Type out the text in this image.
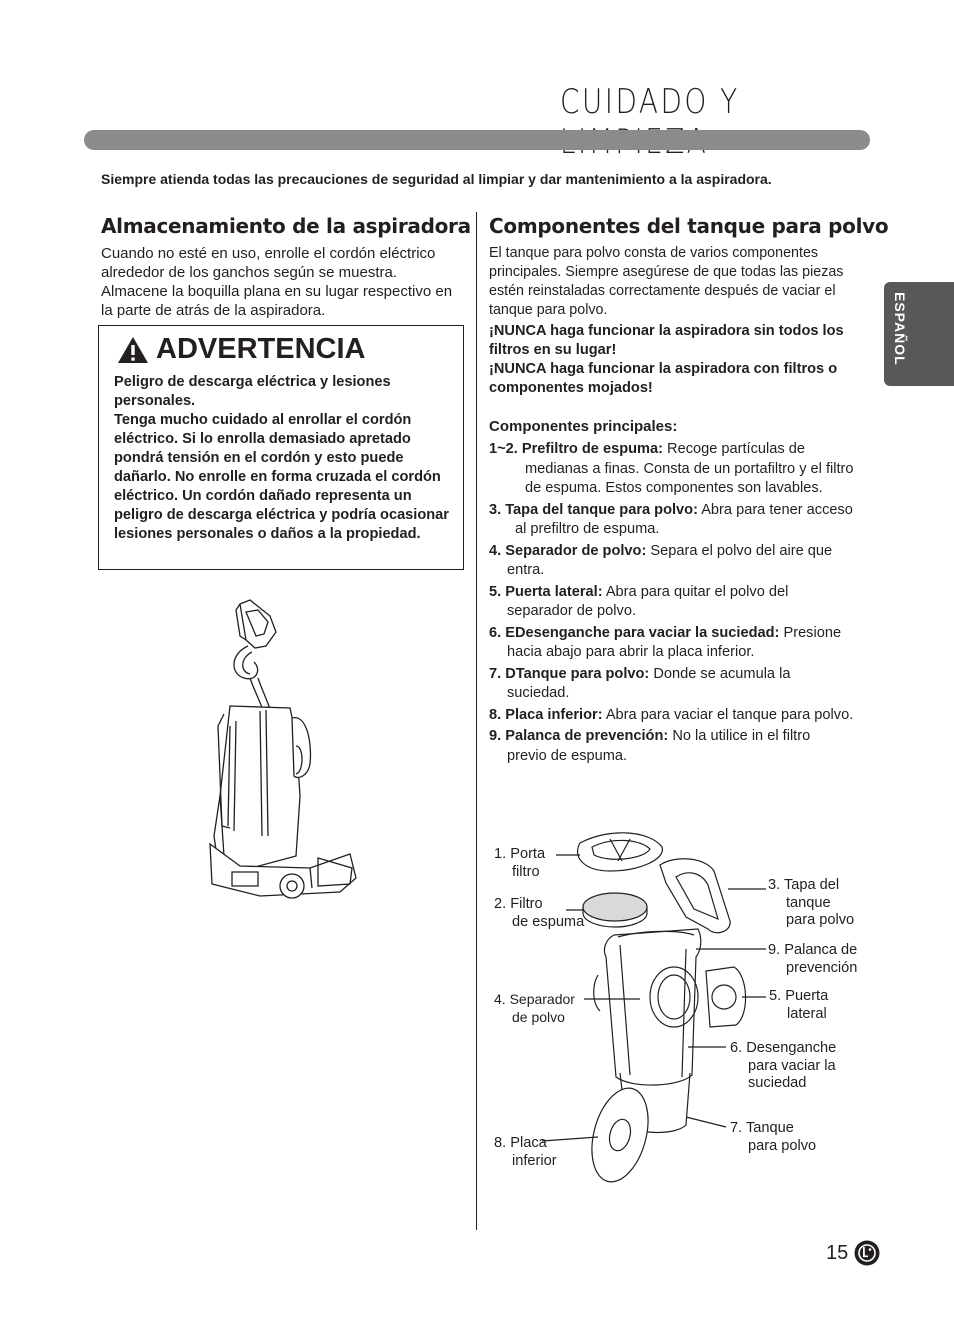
CUIDADO Y
Siempre atienda todas las precauciones de seguridad al limpiar y dar mantenimiento a la aspiradora.
ESPAÑOL
Almacenamiento de la aspiradora
Cuando no esté en uso, enrolle el cordón eléctrico alrededor de los ganchos según se muestra. Almacene la boquilla plana en su lugar respectivo en la parte de atrás de la aspiradora.
ADVERTENCIA
Peligro de descarga eléctrica y lesiones personales.
Tenga mucho cuidado al enrollar el cordón eléctrico. Si lo enrolla demasiado apretado pondrá tensión en el cordón y esto puede dañarlo. No enrolle en forma cruzada el cordón eléctrico. Un cordón dañado representa un peligro de descarga eléctrica y podría ocasionar lesiones personales o daños a la propiedad.
Componentes del tanque para polvo
El tanque para polvo consta de varios componentes principales. Siempre asegúrese de que todas las piezas estén reinstaladas correctamente después de vaciar el tanque para polvo.
¡NUNCA haga funcionar la aspiradora sin todos los filtros en su lugar!
¡NUNCA haga funcionar la aspiradora con filtros o componentes mojados!
Componentes principales:
1~2. Prefiltro de espuma: Recoge partículas de medianas a finas. Consta de un portafiltro y el filtro de espuma. Estos componentes son lavables.
3. Tapa del tanque para polvo: Abra para tener acceso al prefiltro de espuma.
4. Separador de polvo: Separa el polvo del aire que entra.
5. Puerta lateral: Abra para quitar el polvo del separador de polvo.
6. EDesenganche para vaciar la suciedad: Presione hacia abajo para abrir la placa inferior.
7. DTanque para polvo: Donde se acumula la suciedad.
8. Placa inferior: Abra para vaciar el tanque para polvo.
9. Palanca de prevención: No la utilice in el filtro previo de espuma.
1. Porta
filtro
2. Filtro
de espuma
4. Separador
de polvo
8. Placa
inferior
3. Tapa del
tanque
para polvo
9. Palanca de
prevención
5. Puerta
lateral
6. Desenganche
para vaciar la
suciedad
7. Tanque
para polvo
15
